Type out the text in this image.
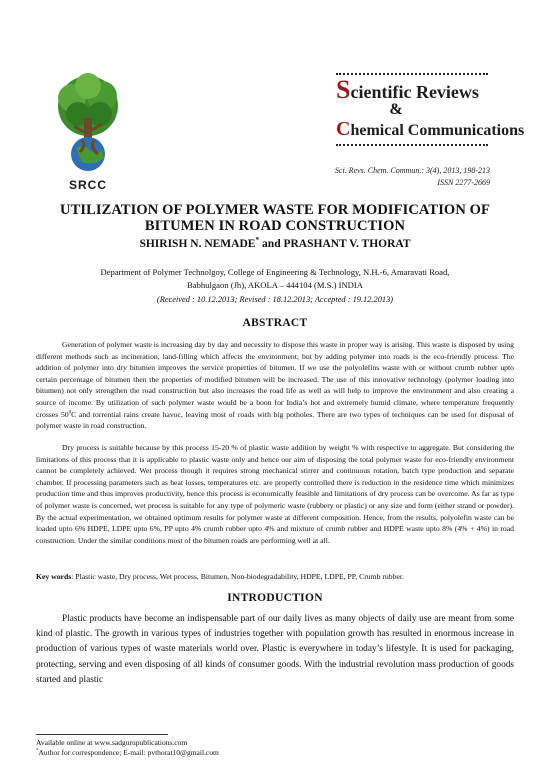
SRCC
Scientific Reviews
&
Chemical Communications
Sci. Revs. Chem. Commun.: 3(4), 2013, 198-213
ISSN 2277-2669
UTILIZATION OF POLYMER WASTE FOR MODIFICATION OF
BITUMEN IN ROAD CONSTRUCTION
SHIRISH N. NEMADE* and PRASHANT V. THORAT
Department of Polymer Technolgoy, College of Engineering & Technology, N.H.-6, Amaravati Road,
Babhulgaon (Jh), AKOLA – 444104 (M.S.) INDIA
(Received : 10.12.2013; Revised : 18.12.2013; Accepted : 19.12.2013)
ABSTRACT

Generation of polymer waste is increasing day by day and necessity to dispose this waste in proper way is arising. This waste is disposed by using different methods such as incineration, land-filling which affects the environment; but by adding polymer into roads is the eco-friendly process. The addition of polymer into dry bitumen improves the service properties of bitumen. If we use the polyolefins waste with or without crumb rubber upto certain percentage of bitumen then the properties of modified bitumen will be increased. The use of this innovative technology (polymer loading into bitumen) not only strengthen the road construction but also increases the road life as well as will help to improve the environment and also creating a source of income. By utilization of such polymer waste would be a boon for India’s hot and extremely humid climate, where temperature frequently crosses $50^0C$ and torrential rains create havoc, leaving most of roads with big potholes. There are two types of techniques can be used for disposal of polymer waste in road construction.

Dry process is suitable because by this process 15-20 % of plastic waste addition by weight % with respective to aggregate. But considering the limitations of this process that it is applicable to plastic waste only and hence our aim of disposing the total polymer waste for eco-friendly environment cannot be completely achieved. Wet process though it requires strong mechanical stirrer and continuous rotation, batch type production and separate chamber. If processing parameters such as heat losses, temperatures etc. are properly controlled there is reduction in the residence time which minimizes production time and thus improves productivity, hence this process is economically feasible and limitations of dry process can be overcome. As far as type of polymer waste is concerned, wet process is suitable for any type of polymeric waste (rubbery or plastic) or any size and form (either strand or powder). By the actual experimentation, we obtained optimum results for polymer waste at different composition. Hence, from the results, polyolefin waste can be loaded upto 6% HDPE, LDPE upto 6%, PP upto 4% crumb rubber upto 4% and mixture of crumb rubber and HDPE waste upto 8% (4% + 4%) in road construction. Under the similar conditions most of the bitumen roads are performing well at all.

Key words: Plastic waste, Dry process, Wet process, Bitumen, Non-biodegradability, HDPE, LDPE, PP, Crumb rubber.
INTRODUCTION

Plastic products have become an indispensable part of our daily lives as many objects of daily use are meant from some kind of plastic. The growth in various types of industries together with population growth has resulted in enormous increase in production of various types of waste materials world over. Plastic is everywhere in today’s lifestyle. It is used for packaging, protecting, serving and even disposing of all kinds of consumer goods. With the industrial revolution mass production of goods started and plastic

Available online at www.sadgurupublications.com
*Author for correspondence; E-mail: pvthorat10@gmail.com
